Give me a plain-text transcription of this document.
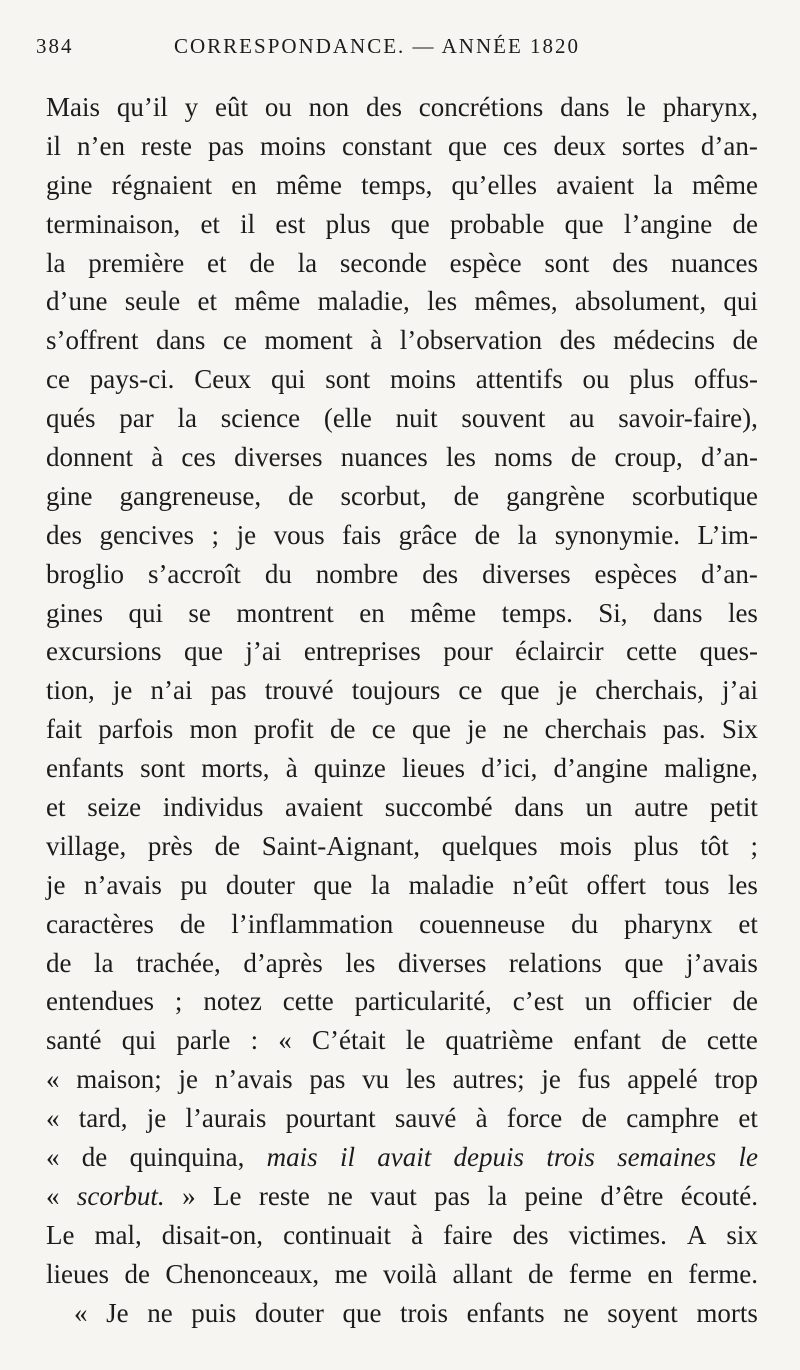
384	CORRESPONDANCE. — ANNÉE 1820
Mais qu’il y eût ou non des concrétions dans le pharynx,
il n’en reste pas moins constant que ces deux sortes d’an-
gine régnaient en même temps, qu’elles avaient la même
terminaison, et il est plus que probable que l’angine de
la première et de la seconde espèce sont des nuances
d’une seule et même maladie, les mêmes, absolument, qui
s’offrent dans ce moment à l’observation des médecins de
ce pays-ci. Ceux qui sont moins attentifs ou plus offus-
qués par la science (elle nuit souvent au savoir-faire),
donnent à ces diverses nuances les noms de croup, d’an-
gine gangreneuse, de scorbut, de gangrène scorbutique
des gencives ; je vous fais grâce de la synonymie. L’im-
broglio s’accroît du nombre des diverses espèces d’an-
gines qui se montrent en même temps. Si, dans les
excursions que j’ai entreprises pour éclaircir cette ques-
tion, je n’ai pas trouvé toujours ce que je cherchais, j’ai
fait parfois mon profit de ce que je ne cherchais pas. Six
enfants sont morts, à quinze lieues d’ici, d’angine maligne,
et seize individus avaient succombé dans un autre petit
village, près de Saint-Aignant, quelques mois plus tôt ;
je n’avais pu douter que la maladie n’eût offert tous les
caractères de l’inflammation couenneuse du pharynx et
de la trachée, d’après les diverses relations que j’avais
entendues ; notez cette particularité, c’est un officier de
santé qui parle : « C’était le quatrième enfant de cette
« maison; je n’avais pas vu les autres; je fus appelé trop
« tard, je l’aurais pourtant sauvé à force de camphre et
« de quinquina, mais il avait depuis trois semaines le
« scorbut. » Le reste ne vaut pas la peine d’être écouté.
Le mal, disait-on, continuait à faire des victimes. A six
lieues de Chenonceaux, me voilà allant de ferme en ferme.
« Je ne puis douter que trois enfants ne soyent morts
